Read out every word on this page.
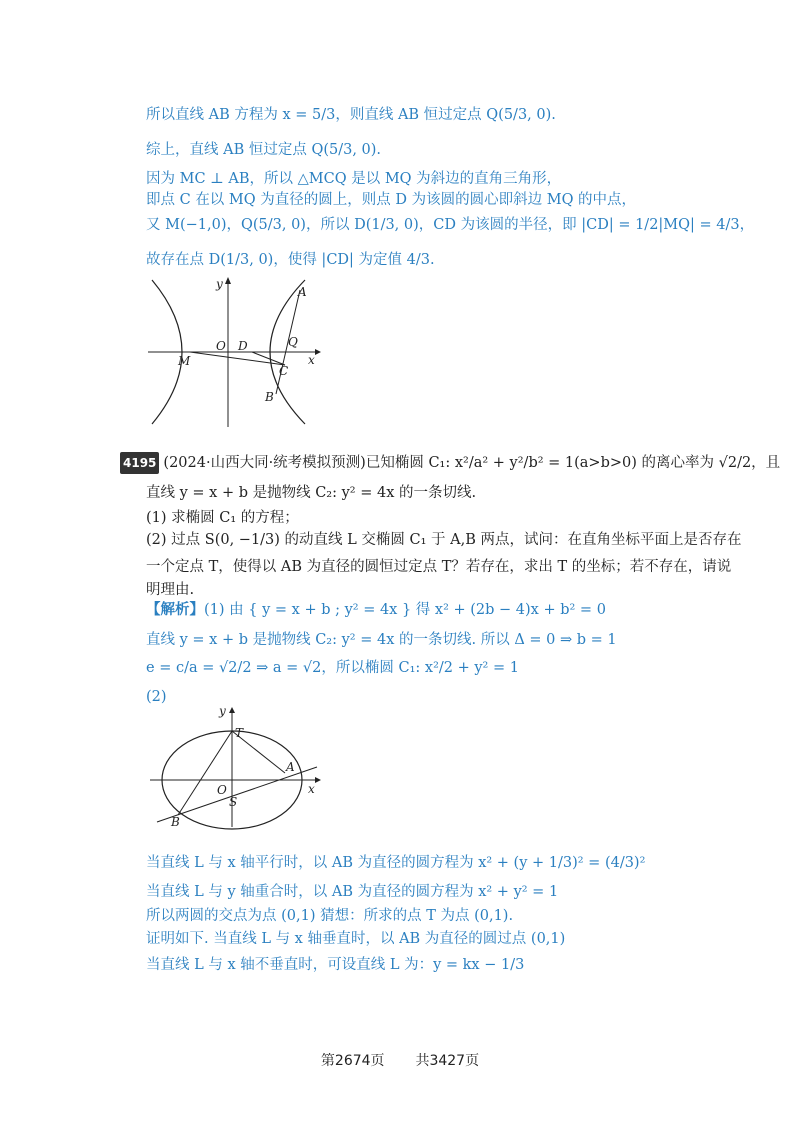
所以直线 AB 方程为 x = 5/3，则直线 AB 恒过定点 Q(5/3, 0).
综上，直线 AB 恒过定点 Q(5/3, 0).
因为 MC ⊥ AB，所以 △MCQ 是以 MQ 为斜边的直角三角形，
即点 C 在以 MQ 为直径的圆上，则点 D 为该圆的圆心即斜边 MQ 的中点，
又 M(−1,0)，Q(5/3, 0)，所以 D(1/3, 0)，CD 为该圆的半径，即 |CD| = 1/2|MQ| = 4/3，
故存在点 D(1/3, 0)，使得 |CD| 为定值 4/3.
y
x
A
O D	Q
M
C
B
4195 (2024·山西大同·统考模拟预测)已知椭圆 C₁: x²/a² + y²/b² = 1(a>b>0) 的离心率为 √2/2，且
直线 y = x + b 是抛物线 C₂: y² = 4x 的一条切线.
(1) 求椭圆 C₁ 的方程；
(2) 过点 S(0, −1/3) 的动直线 L 交椭圆 C₁ 于 A,B 两点，试问：在直角坐标平面上是否存在
一个定点 T，使得以 AB 为直径的圆恒过定点 T？若存在，求出 T 的坐标；若不存在，请说
明理由.
【解析】(1) 由 { y = x + b ; y² = 4x } 得 x² + (2b − 4)x + b² = 0
直线 y = x + b 是抛物线 C₂: y² = 4x 的一条切线. 所以 Δ = 0 ⇒ b = 1
e = c/a = √2/2 ⇒ a = √2，所以椭圆 C₁: x²/2 + y² = 1
(2)
y
x
T
A
O
S
B
当直线 L 与 x 轴平行时，以 AB 为直径的圆方程为 x² + (y + 1/3)² = (4/3)²
当直线 L 与 y 轴重合时，以 AB 为直径的圆方程为 x² + y² = 1
所以两圆的交点为点 (0,1) 猜想：所求的点 T 为点 (0,1).
证明如下. 当直线 L 与 x 轴垂直时，以 AB 为直径的圆过点 (0,1)
当直线 L 与 x 轴不垂直时，可设直线 L 为：y = kx − 1/3
第2674页 共3427页
